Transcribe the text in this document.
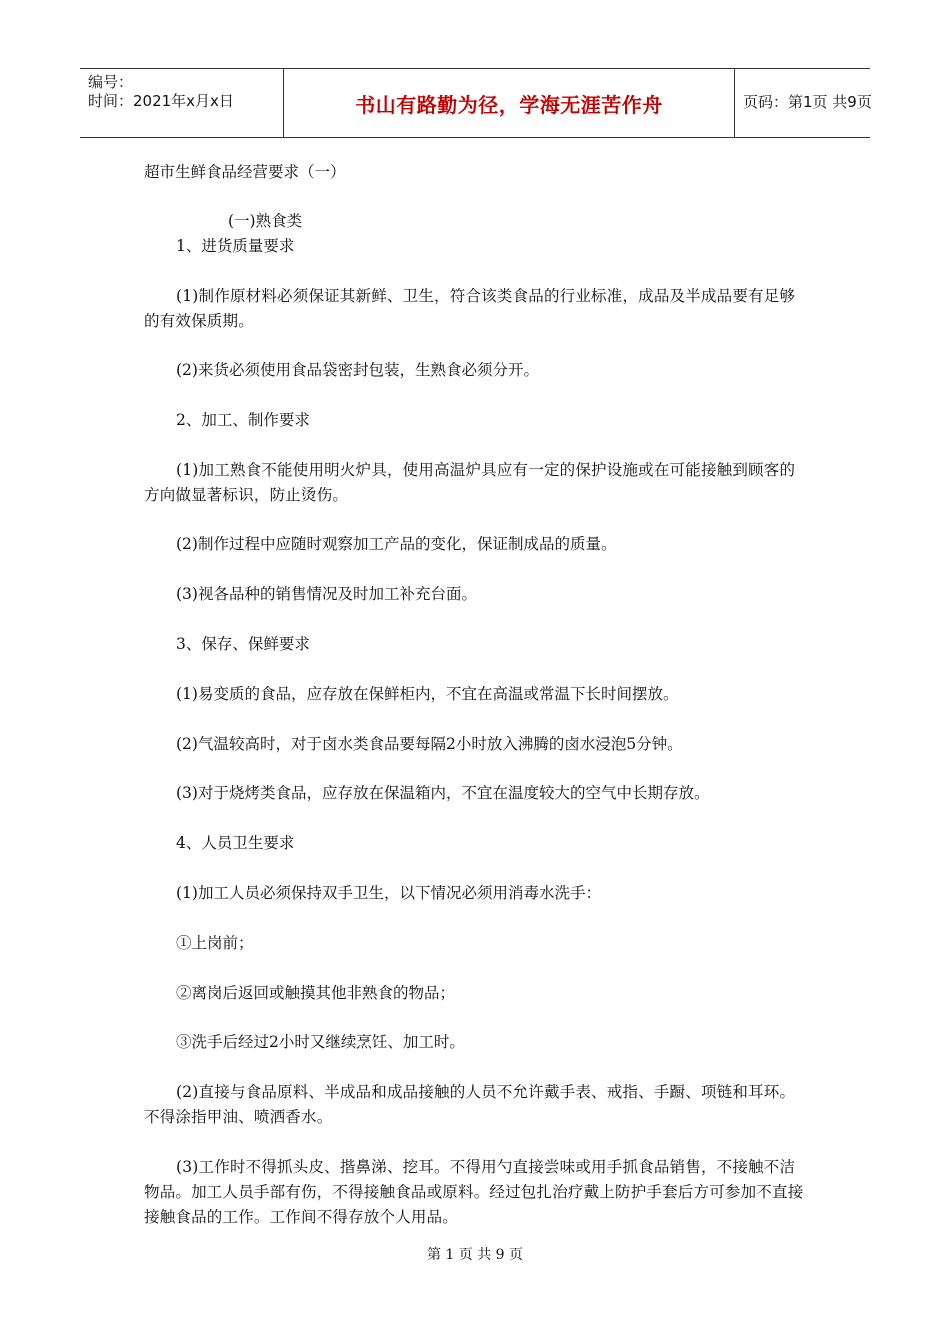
编号：
时间：2021年x月x日	书山有路勤为径，学海无涯苦作舟	页码：第1页 共9页
超市生鲜食品经营要求（一）
(一)熟食类
1、进货质量要求
(1)制作原材料必须保证其新鲜、卫生，符合该类食品的行业标准，成品及半成品要有足够的有效保质期。
(2)来货必须使用食品袋密封包装，生熟食必须分开。
2、加工、制作要求
(1)加工熟食不能使用明火炉具，使用高温炉具应有一定的保护设施或在可能接触到顾客的方向做显著标识，防止烫伤。
(2)制作过程中应随时观察加工产品的变化，保证制成品的质量。
(3)视各品种的销售情况及时加工补充台面。
3、保存、保鲜要求
(1)易变质的食品，应存放在保鲜柜内，不宜在高温或常温下长时间摆放。
(2)气温较高时，对于卤水类食品要每隔2小时放入沸腾的卤水浸泡5分钟。
(3)对于烧烤类食品，应存放在保温箱内，不宜在温度较大的空气中长期存放。
4、人员卫生要求
(1)加工人员必须保持双手卫生，以下情况必须用消毒水洗手：
①上岗前；
②离岗后返回或触摸其他非熟食的物品；
③洗手后经过2小时又继续烹饪、加工时。
(2)直接与食品原料、半成品和成品接触的人员不允许戴手表、戒指、手蹰、项链和耳环。不得涂指甲油、喷洒香水。
(3)工作时不得抓头皮、揩鼻涕、挖耳。不得用勺直接尝味或用手抓食品销售，不接触不洁物品。加工人员手部有伤，不得接触食品或原料。经过包扎治疗戴上防护手套后方可参加不直接接触食品的工作。工作间不得存放个人用品。
第 1 页 共 9 页
